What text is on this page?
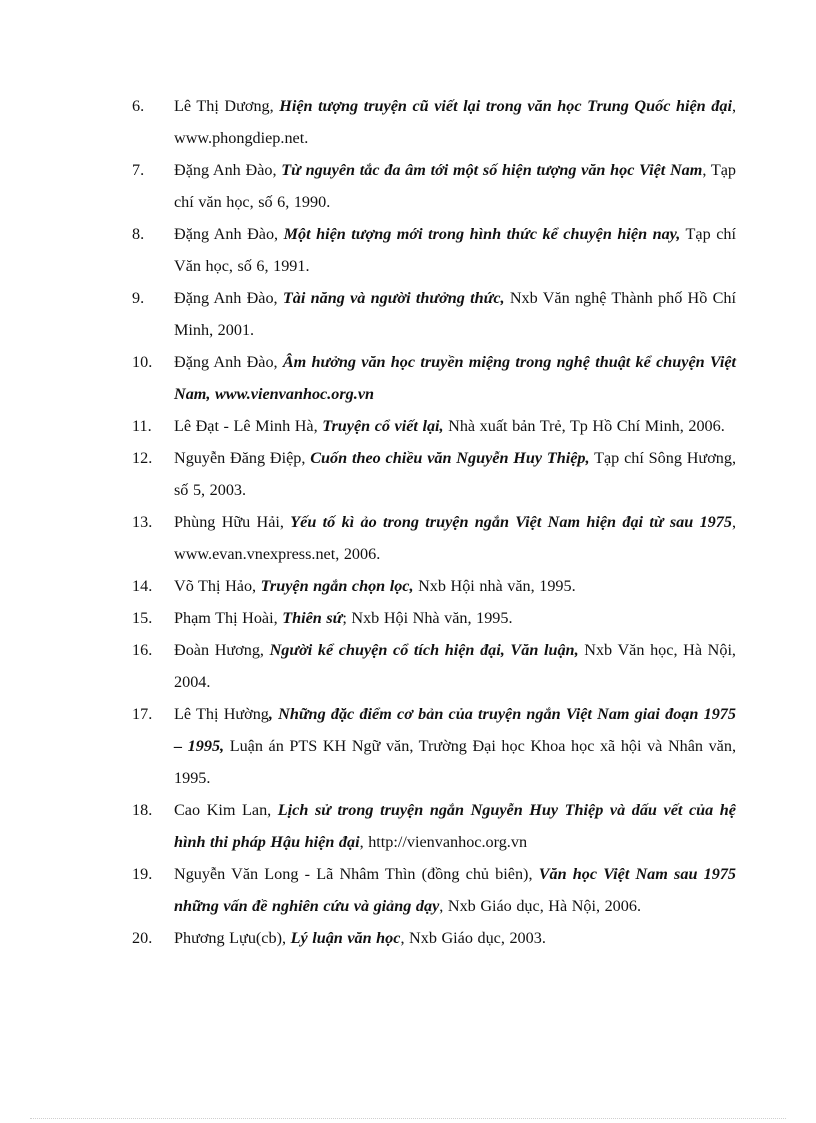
6. Lê Thị Dương, Hiện tượng truyện cũ viết lại trong văn học Trung Quốc hiện đại, www.phongdiep.net.
7. Đặng Anh Đào, Từ nguyên tắc đa âm tới một số hiện tượng văn học Việt Nam, Tạp chí văn học, số 6, 1990.
8. Đặng Anh Đào, Một hiện tượng mới trong hình thức kể chuyện hiện nay, Tạp chí Văn học, số 6, 1991.
9. Đặng Anh Đào, Tài năng và người thưởng thức, Nxb Văn nghệ Thành phố Hồ Chí Minh, 2001.
10. Đặng Anh Đào, Âm hưởng văn học truyền miệng trong nghệ thuật kể chuyện Việt Nam, www.vienvanhoc.org.vn
11. Lê Đạt - Lê Minh Hà, Truyện cổ viết lại, Nhà xuất bản Trẻ, Tp Hồ Chí Minh, 2006.
12. Nguyễn Đăng Điệp, Cuốn theo chiều văn Nguyễn Huy Thiệp, Tạp chí Sông Hương, số 5, 2003.
13. Phùng Hữu Hải, Yếu tố kì ảo trong truyện ngắn Việt Nam hiện đại từ sau 1975, www.evan.vnexpress.net, 2006.
14. Võ Thị Hảo, Truyện ngắn chọn lọc, Nxb Hội nhà văn, 1995.
15. Phạm Thị Hoài, Thiên sứ; Nxb Hội Nhà văn, 1995.
16. Đoàn Hương, Người kể chuyện cổ tích hiện đại, Văn luận, Nxb Văn học, Hà Nội, 2004.
17. Lê Thị Hường, Những đặc điểm cơ bản của truyện ngắn Việt Nam giai đoạn 1975 – 1995, Luận án PTS KH Ngữ văn, Trường Đại học Khoa học xã hội và Nhân văn, 1995.
18. Cao Kim Lan, Lịch sử trong truyện ngắn Nguyễn Huy Thiệp và dấu vết của hệ hình thi pháp Hậu hiện đại, http://vienvanhoc.org.vn
19. Nguyễn Văn Long - Lã Nhâm Thìn (đồng chủ biên), Văn học Việt Nam sau 1975 những vấn đề nghiên cứu và giảng dạy, Nxb Giáo dục, Hà Nội, 2006.
20. Phương Lựu(cb), Lý luận văn học, Nxb Giáo dục, 2003.
